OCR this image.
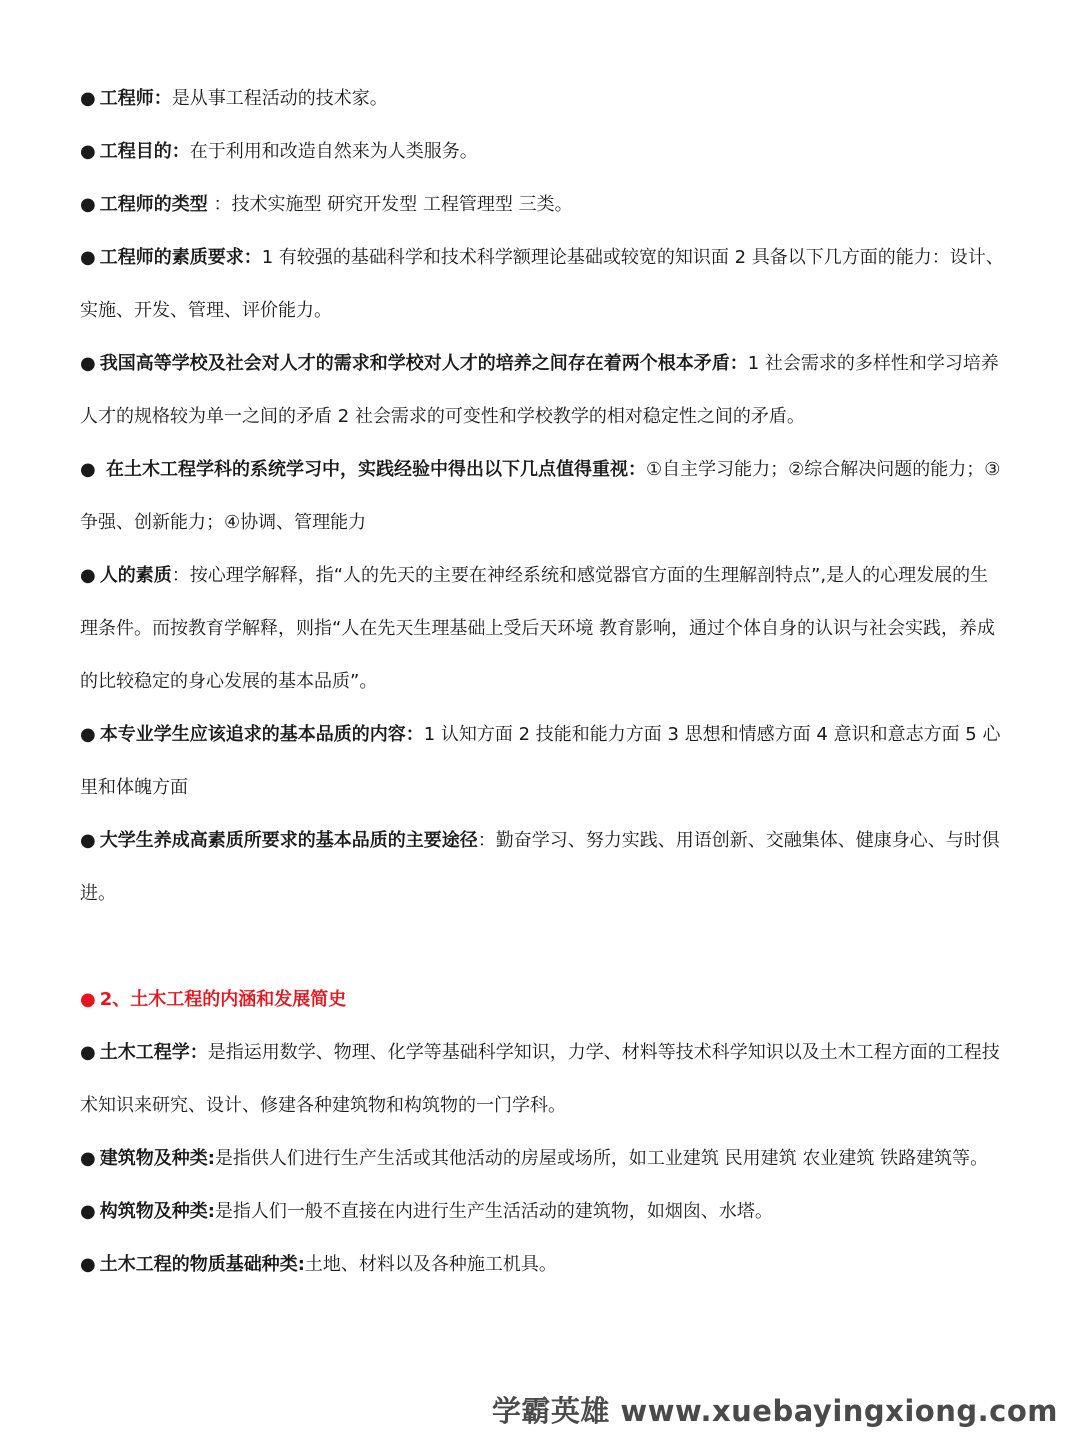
● 工程师：是从事工程活动的技术家。

● 工程目的：在于利用和改造自然来为人类服务。

● 工程师的类型 ：技术实施型 研究开发型 工程管理型 三类。

● 工程师的素质要求：1 有较强的基础科学和技术科学额理论基础或较宽的知识面 2 具备以下几方面的能力：设计、实施、开发、管理、评价能力。

● 我国高等学校及社会对人才的需求和学校对人才的培养之间存在着两个根本矛盾：1 社会需求的多样性和学习培养人才的规格较为单一之间的矛盾 2 社会需求的可变性和学校教学的相对稳定性之间的矛盾。

● 在土木工程学科的系统学习中，实践经验中得出以下几点值得重视：①自主学习能力；②综合解决问题的能力；③争强、创新能力；④协调、管理能力

● 人的素质：按心理学解释，指“人的先天的主要在神经系统和感觉器官方面的生理解剖特点”,是人的心理发展的生理条件。而按教育学解释，则指“人在先天生理基础上受后天环境 教育影响，通过个体自身的认识与社会实践，养成的比较稳定的身心发展的基本品质”。

● 本专业学生应该追求的基本品质的内容：1 认知方面 2 技能和能力方面 3 思想和情感方面 4 意识和意志方面 5 心里和体魄方面

● 大学生养成高素质所要求的基本品质的主要途径：勤奋学习、努力实践、用语创新、交融集体、健康身心、与时俱进。

● 2、土木工程的内涵和发展简史

● 土木工程学：是指运用数学、物理、化学等基础科学知识，力学、材料等技术科学知识以及土木工程方面的工程技术知识来研究、设计、修建各种建筑物和构筑物的一门学科。

● 建筑物及种类:是指供人们进行生产生活或其他活动的房屋或场所，如工业建筑 民用建筑 农业建筑 铁路建筑等。

● 构筑物及种类:是指人们一般不直接在内进行生产生活活动的建筑物，如烟囱、水塔。

● 土木工程的物质基础种类:土地、材料以及各种施工机具。

学霸英雄 www.xuebayingxiong.com
